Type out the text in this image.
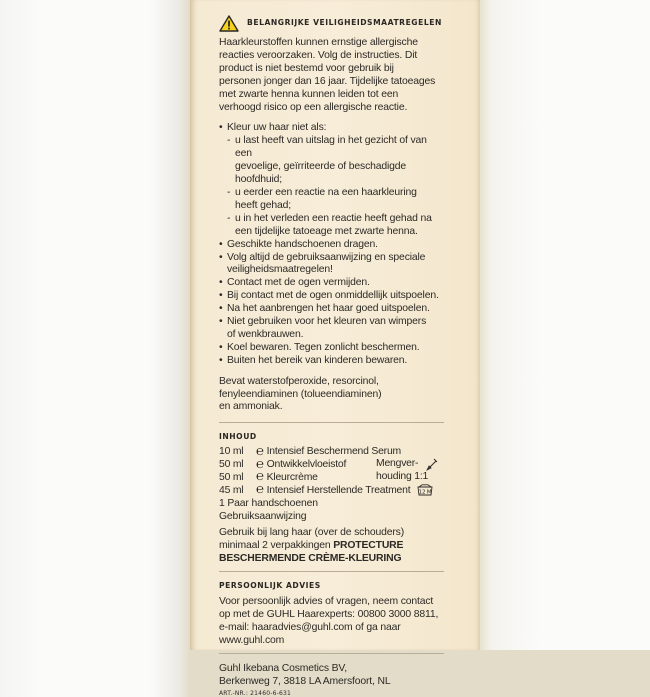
BELANGRIJKE VEILIGHEIDSMAATREGELEN
Haarkleurstoffen kunnen ernstige allergische
reacties veroorzaken. Volg de instructies. Dit
product is niet bestemd voor gebruik bij
personen jonger dan 16 jaar. Tijdelijke tatoeages
met zwarte henna kunnen leiden tot een
verhoogd risico op een allergische reactie.
• Kleur uw haar niet als:
- u last heeft van uitslag in het gezicht of van een
gevoelige, geïrriteerde of beschadigde hoofdhuid;
- u eerder een reactie na een haarkleuring
heeft gehad;
- u in het verleden een reactie heeft gehad na
een tijdelijke tatoeage met zwarte henna.
• Geschikte handschoenen dragen.
• Volg altijd de gebruiksaanwijzing en speciale
veiligheidsmaatregelen!
• Contact met de ogen vermijden.
• Bij contact met de ogen onmiddellijk uitspoelen.
• Na het aanbrengen het haar goed uitspoelen.
• Niet gebruiken voor het kleuren van wimpers
of wenkbrauwen.
• Koel bewaren. Tegen zonlicht beschermen.
• Buiten het bereik van kinderen bewaren.
Bevat waterstofperoxide, resorcinol,
fenyleendiaminen (tolueendiaminen)
en ammoniak.
INHOUD
10 ml ℮ Intensief Beschermend Serum
50 ml ℮ Ontwikkelvloeistof
50 ml ℮ Kleurcrème
45 ml ℮ Intensief Herstellende Treatment 12 M
Mengver-
houding 1:1
1 Paar handschoenen
Gebruiksaanwijzing
Gebruik bij lang haar (over de schouders)
minimaal 2 verpakkingen PROTECTURE
BESCHERMENDE CRÈME-KLEURING
PERSOONLIJK ADVIES
Voor persoonlijk advies of vragen, neem contact
op met de GUHL Haarexperts: 00800 3000 8811,
e-mail: haaradvies@guhl.com of ga naar
www.guhl.com
Guhl Ikebana Cosmetics BV,
Berkenweg 7, 3818 LA Amersfoort, NL
ART.-NR.: 21460-6-631
